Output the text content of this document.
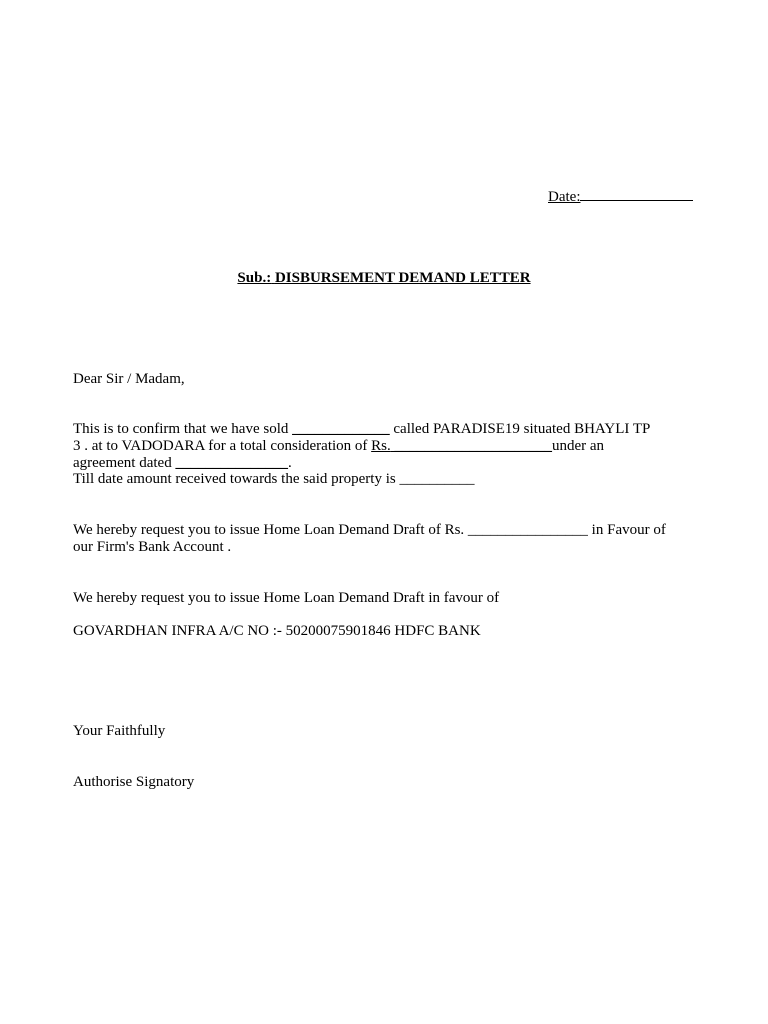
Date:
Sub.: DISBURSEMENT DEMAND LETTER
Dear Sir / Madam,
This is to confirm that we have sold _____________ called PARADISE19 situated BHAYLI TP
3 . at to VADODARA for a total consideration of Rs. _____________________under an
agreement dated _______________.
Till date amount received towards the said property is __________
We hereby request you to issue Home Loan Demand Draft of Rs. ________________ in Favour of
our Firm's Bank Account .
We hereby request you to issue Home Loan Demand Draft in favour of
GOVARDHAN INFRA A/C NO :- 50200075901846 HDFC BANK
Your Faithfully
Authorise Signatory
